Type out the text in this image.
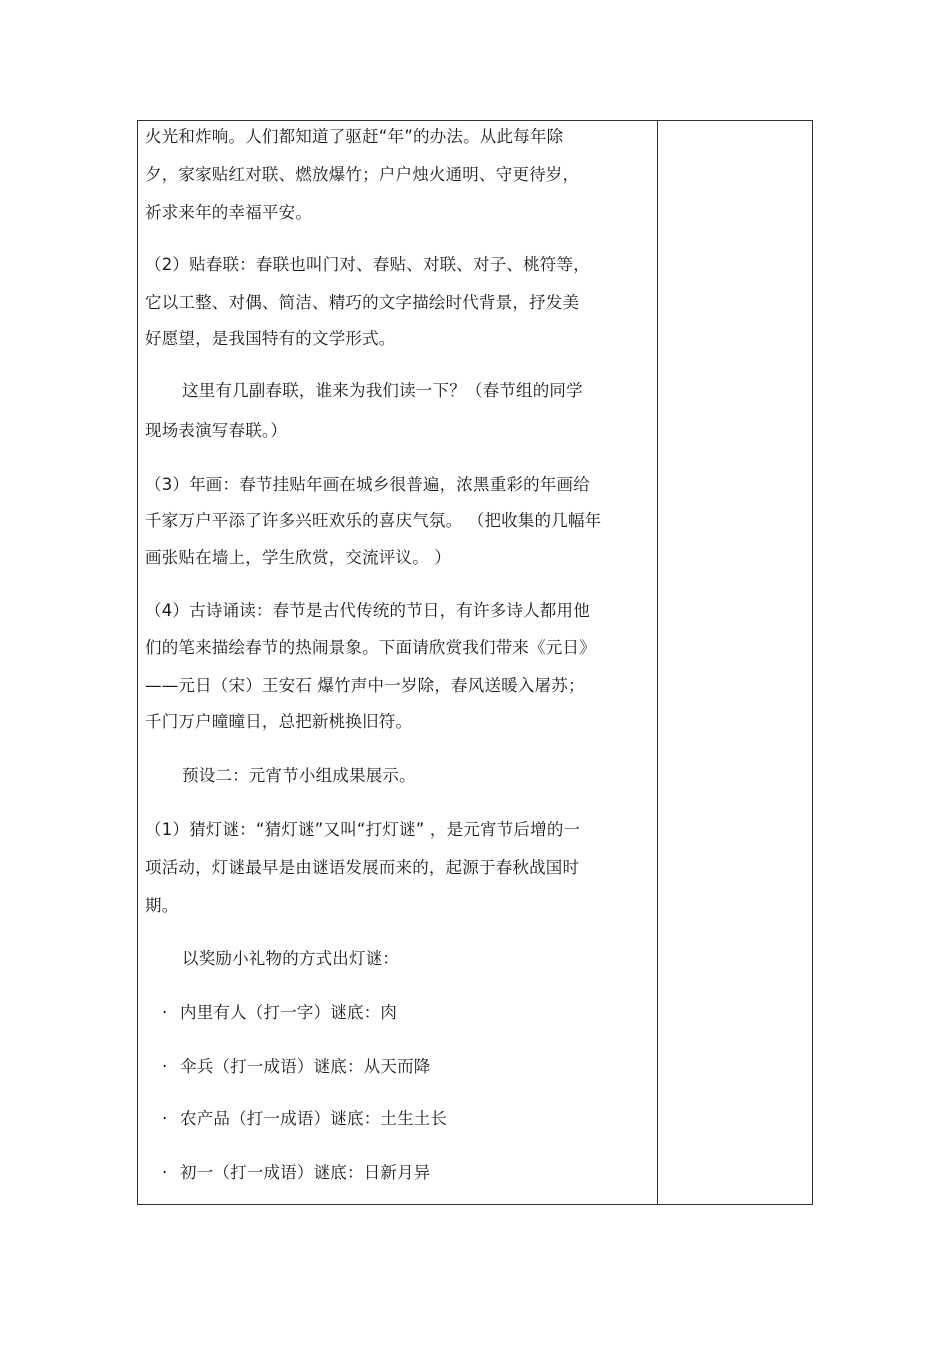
火光和炸响。人们都知道了驱赶“年”的办法。从此每年除
夕，家家贴红对联、燃放爆竹；户户烛火通明、守更待岁，
祈求来年的幸福平安。
（2）贴春联：春联也叫门对、春贴、对联、对子、桃符等，
它以工整、对偶、简洁、精巧的文字描绘时代背景，抒发美
好愿望，是我国特有的文学形式。
这里有几副春联，谁来为我们读一下？（春节组的同学
现场表演写春联。）
（3）年画：春节挂贴年画在城乡很普遍，浓黑重彩的年画给
千家万户平添了许多兴旺欢乐的喜庆气氛。 （把收集的几幅年
画张贴在墙上，学生欣赏，交流评议。 ）
（4）古诗诵读：春节是古代传统的节日，有许多诗人都用他
们的笔来描绘春节的热闹景象。下面请欣赏我们带来《元日》
——元日（宋）王安石 爆竹声中一岁除，春风送暖入屠苏；
千门万户曈曈日，总把新桃换旧符。
预设二：元宵节小组成果展示。
（1）猜灯谜：“猜灯谜”又叫“打灯谜” ，是元宵节后增的一
项活动，灯谜最早是由谜语发展而来的，起源于春秋战国时
期。
以奖励小礼物的方式出灯谜：
· 内里有人（打一字）谜底：肉
· 伞兵（打一成语）谜底：从天而降
· 农产品（打一成语）谜底：土生土长
· 初一（打一成语）谜底：日新月异
